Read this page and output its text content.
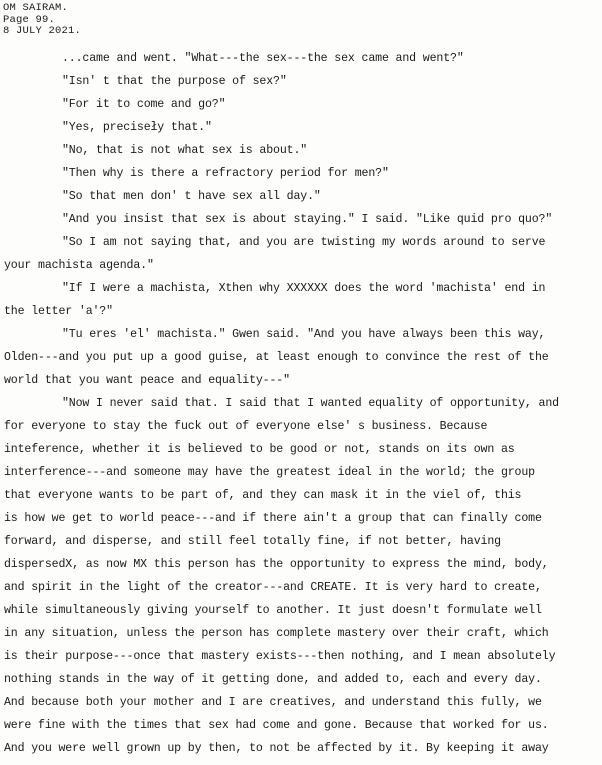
OM SAIRAM.
Page 99.
8 JULY 2021.
...came and went. "What---the sex---the sex came and went?"
"Isn' t that the purpose of sex?"
"For it to come and go?"
"Yes, preciseły that."
"No, that is not what sex is about."
"Then why is there a refractory period for men?"
"So that men don' t have sex all day."
"And you insist that sex is about staying." I said. "Like quid pro quo?"
"So I am not saying that, and you are twisting my words around to serve
your machista agenda."
"If I were a machista, Xthen why XXXXXX does the word 'machista' end in
the letter 'a'?"
"Tu eres 'el' machista." Gwen said. "And you have always been this way,
Olden---and you put up a good guise, at least enough to convince the rest of the
world that you want peace and equality---"
"Now I never said that. I said that I wanted equality of opportunity, and
for everyone to stay the fuck out of everyone else' s business. Because
inteference, whether it is believed to be good or not, stands on its own as
interference---and someone may have the greatest ideal in the world; the group
that everyone wants to be part of, and they can mask it in the viel of, this
is how we get to world peace---and if there ain't a group that can finally come
forward, and disperse, and still feel totally fine, if not better, having
dispersedX, as now MX this person has the opportunity to express the mind, body,
and spirit in the light of the creator---and CREATE. It is very hard to create,
while simultaneously giving yourself to another. It just doesn't formulate well
in any situation, unless the person has complete mastery over their craft, which
is their purpose---once that mastery exists---then nothing, and I mean absolutely
nothing stands in the way of it getting done, and added to, each and every day.
And because both your mother and I are creatives, and understand this fully, we
were fine with the times that sex had come and gone. Because that worked for us.
And you were well grown up by then, to not be affected by it. By keeping it away
